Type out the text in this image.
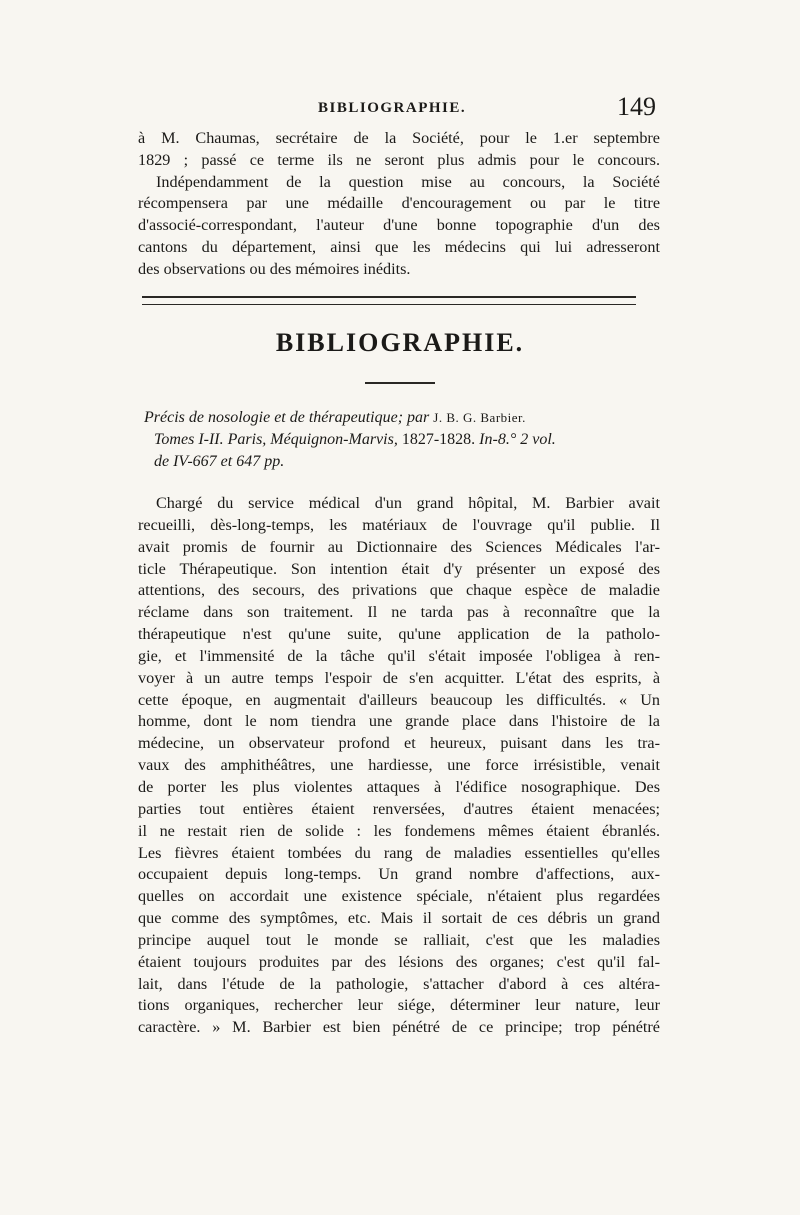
BIBLIOGRAPHIE.	149
à M. Chaumas, secrétaire de la Société, pour le 1.er septembre
1829 ; passé ce terme ils ne seront plus admis pour le concours.
Indépendamment de la question mise au concours, la Société
récompensera par une médaille d'encouragement ou par le titre
d'associé-correspondant, l'auteur d'une bonne topographie d'un des
cantons du département, ainsi que les médecins qui lui adresseront
des observations ou des mémoires inédits.
BIBLIOGRAPHIE.
Précis de nosologie et de thérapeutique; par J. B. G. Barbier.
Tomes I-II. Paris, Méquignon-Marvis, 1827-1828. In-8.° 2 vol.
de IV-667 et 647 pp.
Chargé du service médical d'un grand hôpital, M. Barbier avait
recueilli, dès-long-temps, les matériaux de l'ouvrage qu'il publie. Il
avait promis de fournir au Dictionnaire des Sciences Médicales l'ar-
ticle Thérapeutique. Son intention était d'y présenter un exposé des
attentions, des secours, des privations que chaque espèce de maladie
réclame dans son traitement. Il ne tarda pas à reconnaître que la
thérapeutique n'est qu'une suite, qu'une application de la patholo-
gie, et l'immensité de la tâche qu'il s'était imposée l'obligea à ren-
voyer à un autre temps l'espoir de s'en acquitter. L'état des esprits, à
cette époque, en augmentait d'ailleurs beaucoup les difficultés. « Un
homme, dont le nom tiendra une grande place dans l'histoire de la
médecine, un observateur profond et heureux, puisant dans les tra-
vaux des amphithéâtres, une hardiesse, une force irrésistible, venait
de porter les plus violentes attaques à l'édifice nosographique. Des
parties tout entières étaient renversées, d'autres étaient menacées;
il ne restait rien de solide : les fondemens mêmes étaient ébranlés.
Les fièvres étaient tombées du rang de maladies essentielles qu'elles
occupaient depuis long-temps. Un grand nombre d'affections, aux-
quelles on accordait une existence spéciale, n'étaient plus regardées
que comme des symptômes, etc. Mais il sortait de ces débris un grand
principe auquel tout le monde se ralliait, c'est que les maladies
étaient toujours produites par des lésions des organes; c'est qu'il fal-
lait, dans l'étude de la pathologie, s'attacher d'abord à ces altéra-
tions organiques, rechercher leur siége, déterminer leur nature, leur
caractère. » M. Barbier est bien pénétré de ce principe; trop pénétré
